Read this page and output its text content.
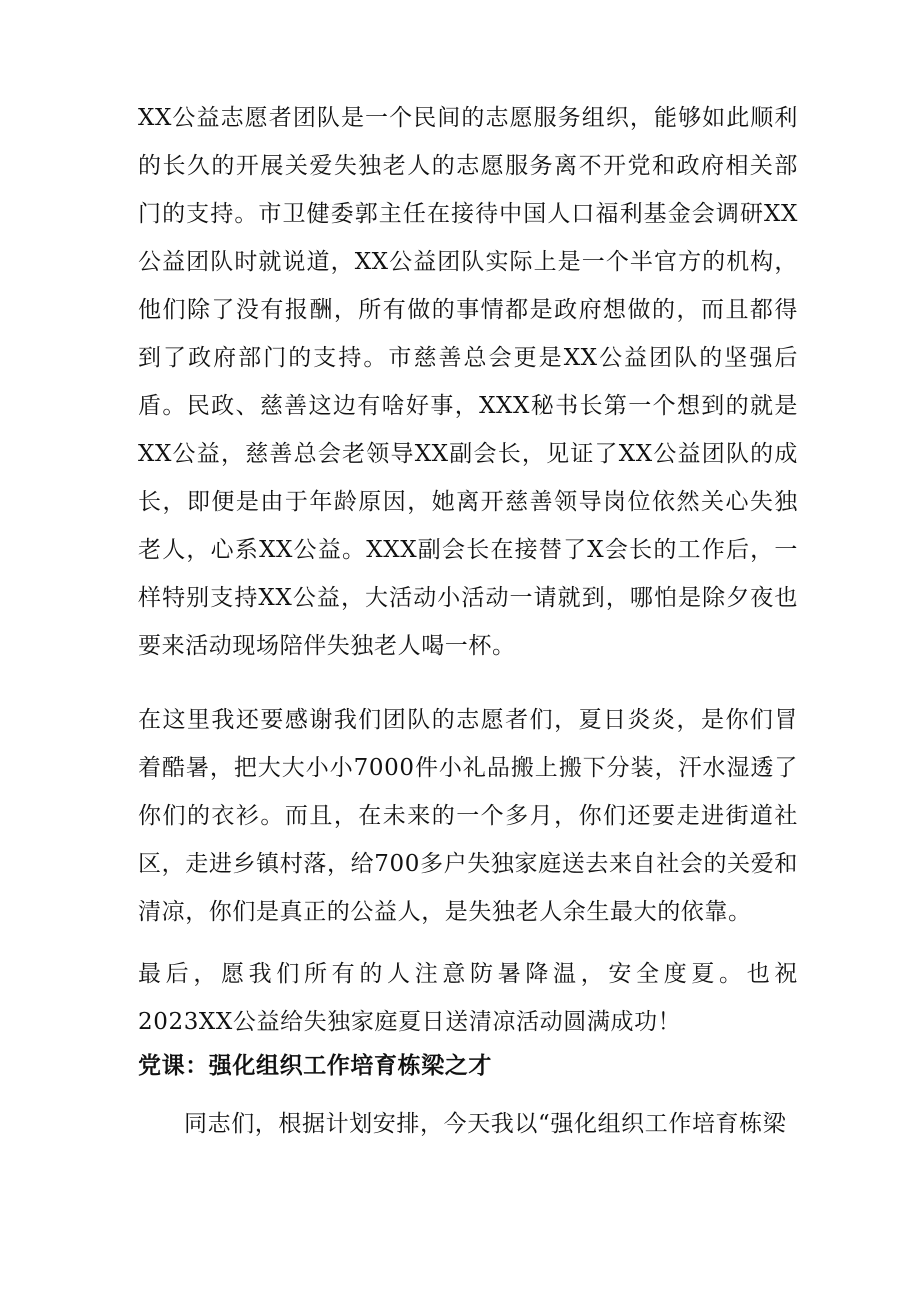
XX公益志愿者团队是一个民间的志愿服务组织，能够如此顺利的长久的开展关爱失独老人的志愿服务离不开党和政府相关部门的支持。市卫健委郭主任在接待中国人口福利基金会调研XX公益团队时就说道，XX公益团队实际上是一个半官方的机构，他们除了没有报酬，所有做的事情都是政府想做的，而且都得到了政府部门的支持。市慈善总会更是XX公益团队的坚强后盾。民政、慈善这边有啥好事，XXX秘书长第一个想到的就是XX公益，慈善总会老领导XX副会长，见证了XX公益团队的成长，即便是由于年龄原因，她离开慈善领导岗位依然关心失独老人，心系XX公益。XXX副会长在接替了X会长的工作后，一样特别支持XX公益，大活动小活动一请就到，哪怕是除夕夜也要来活动现场陪伴失独老人喝一杯。

在这里我还要感谢我们团队的志愿者们，夏日炎炎，是你们冒着酷暑，把大大小小7000件小礼品搬上搬下分装，汗水湿透了你们的衣衫。而且，在未来的一个多月，你们还要走进街道社区，走进乡镇村落，给700多户失独家庭送去来自社会的关爱和清凉，你们是真正的公益人，是失独老人余生最大的依靠。

最后，愿我们所有的人注意防暑降温，安全度夏。也祝2023XX公益给失独家庭夏日送清凉活动圆满成功！

党课：强化组织工作培育栋梁之才

同志们，根据计划安排，今天我以“强化组织工作培育栋梁
